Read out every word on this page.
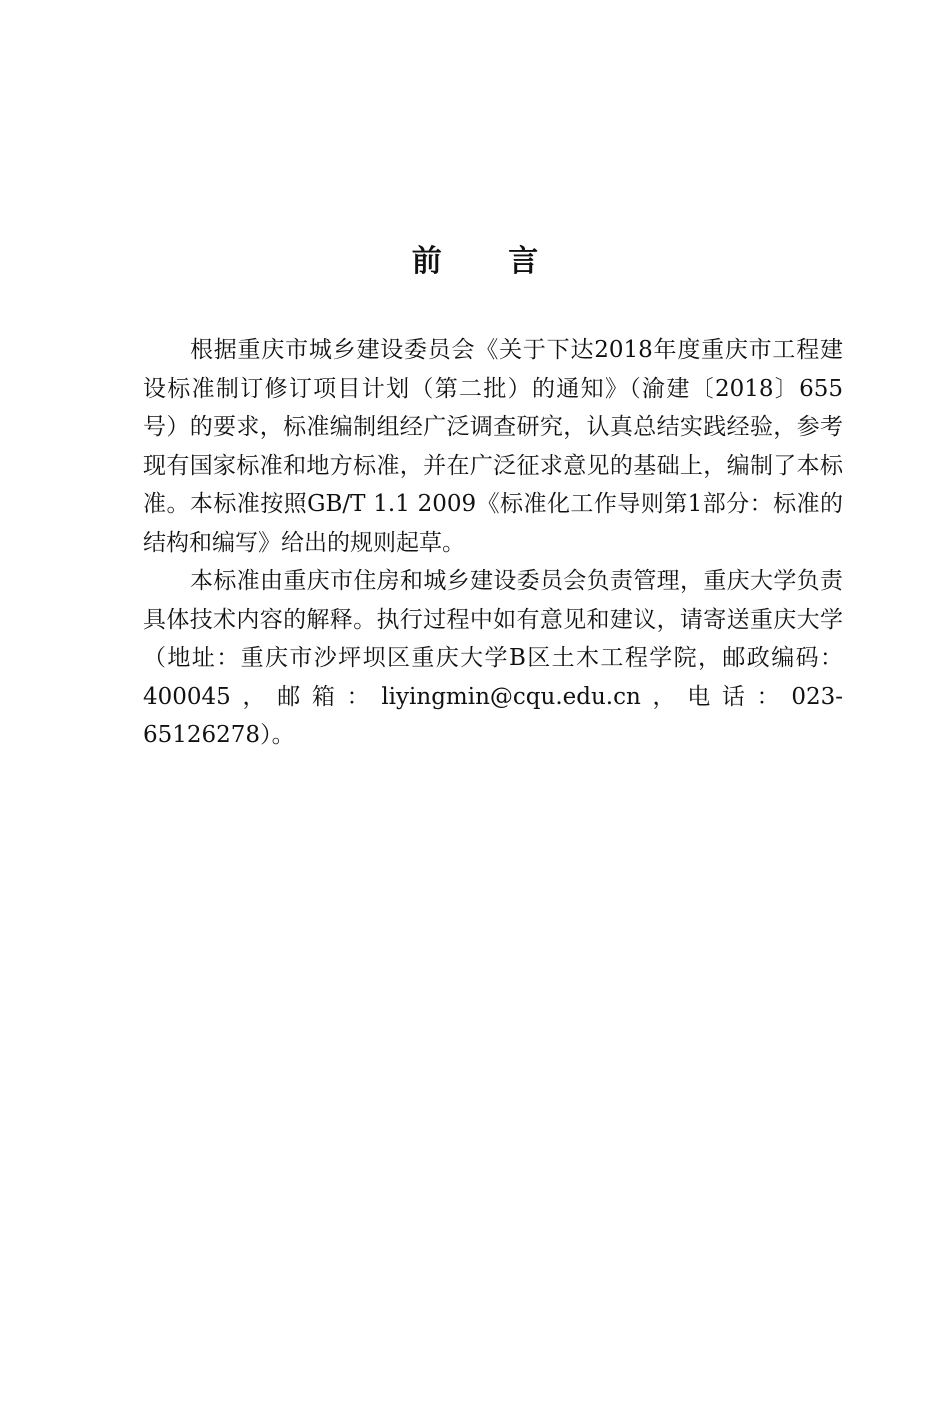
前 言

根据重庆市城乡建设委员会《关于下达2018年度重庆市工程建设标准制订修订项目计划（第二批）的通知》（渝建〔2018〕655号）的要求，标准编制组经广泛调查研究，认真总结实践经验，参考现有国家标准和地方标准，并在广泛征求意见的基础上，编制了本标准。本标准按照GB/T 1.1 2009《标准化工作导则第1部分：标准的结构和编写》给出的规则起草。

本标准由重庆市住房和城乡建设委员会负责管理，重庆大学负责具体技术内容的解释。执行过程中如有意见和建议，请寄送重庆大学（地址：重庆市沙坪坝区重庆大学B区土木工程学院，邮政编码：400045，邮箱：liyingmin@cqu.edu.cn，电话：023-65126278）。
